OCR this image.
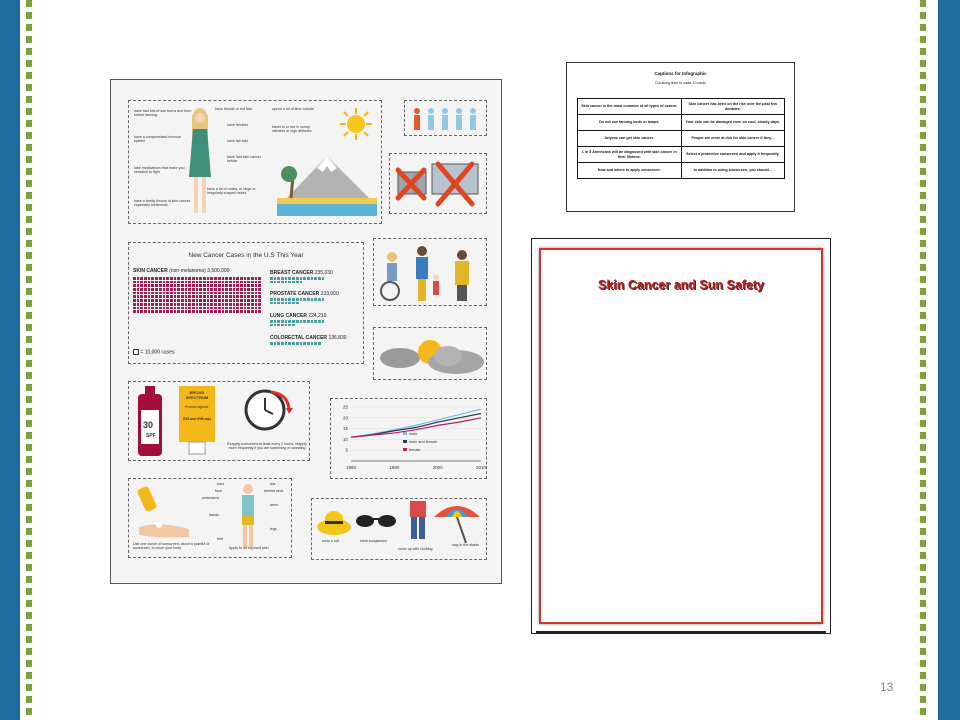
have had lots of sun burns and burn before tanning
have a compromised immune system
take medications that make you sensitive to light
have a family history of skin cancer, especially melanoma
have blonde or red hair
have freckles
have fair skin
have had skin cancer before
have a lot of moles, or large or irregularly shaped moles
spend a lot of time outside
travel to or live in sunny climates or high altitudes
New Cancer Cases in the U.S This Year
SKIN CANCER (non-melanoma) 3,500,000	BREAST CANCER 235,030
PROSTATE CANCER 233,000
LUNG CANCER 224,210
COLORECTAL CANCER 136,830
= 10,000 cases
SPF
30
BROAD SPECTRUM
Protects against:
UVA and UVB rays
Reapply sunscreen at least every 2 hours, reapply more frequently if you are swimming or sweating	5
10
15
20
25
1980	1990	2000	2010
male
male and female
female
Use one ounce of sunscreen; about a palmful of sunscreen, to cover your body
ears
face
underarms
hands
feet
lips
behind neck
arms
legs
Apply to all exposed skin
wear a hat	wear sunglasses
cover up with clothing
stay in the shade
Captions for Infographic
Cut along lines to make 10 cards
Skin cancer is the most common of all types of cancer.	Skin cancer has been on the rise over the past few decades.
Do not use tanning beds or lamps.	Your skin can be damaged even on cool, cloudy days.
Anyone can get skin cancer.	People are more at risk for skin cancer if they...
1 in 5 Americans will be diagnosed with skin cancer in their lifetime.	Select a protective sunscreen and apply it frequently.
How and where to apply sunscreen:	In addition to using sunscreen, you should...
Skin Cancer and Sun Safety
13
